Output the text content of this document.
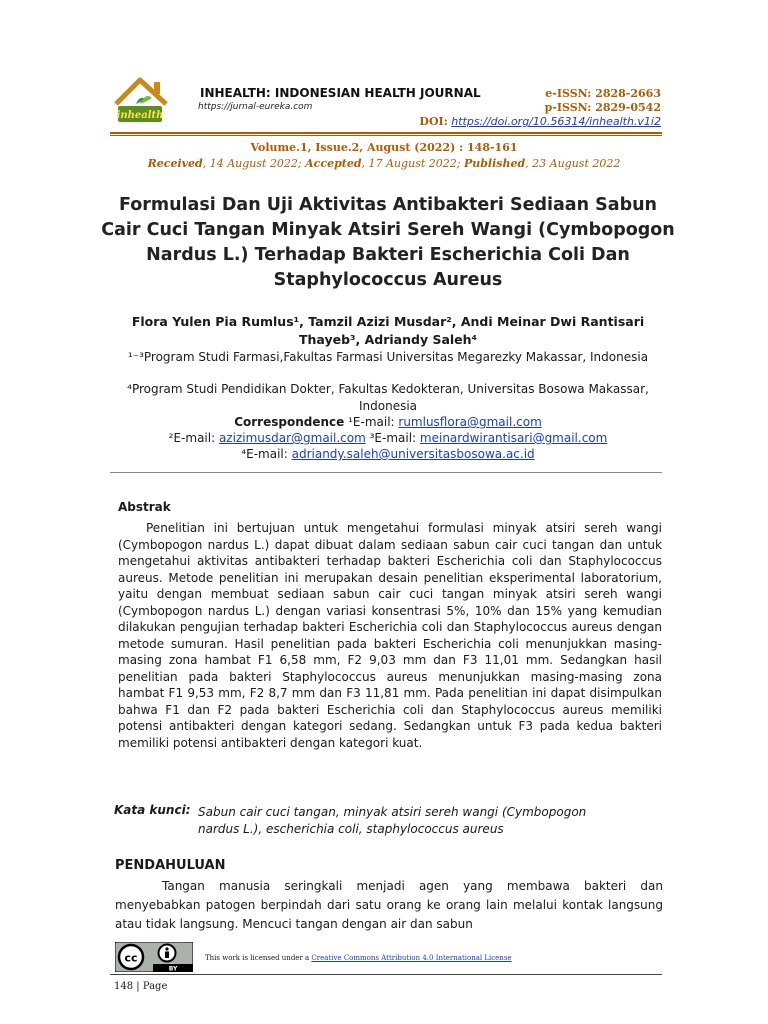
inhealth
INHEALTH: INDONESIAN HEALTH JOURNAL
https://jurnal-eureka.com
e-ISSN: 2828-2663
p-ISSN: 2829-0542
DOI: https://doi.org/10.56314/inhealth.v1i2
Volume.1, Issue.2, August (2022) : 148-161
Received, 14 August 2022; Accepted, 17 August 2022; Published, 23 August 2022
Formulasi Dan Uji Aktivitas Antibakteri Sediaan Sabun Cair Cuci Tangan Minyak Atsiri Sereh Wangi (Cymbopogon Nardus L.) Terhadap Bakteri Escherichia Coli Dan Staphylococcus Aureus
Flora Yulen Pia Rumlus¹, Tamzil Azizi Musdar², Andi Meinar Dwi Rantisari Thayeb³, Adriandy Saleh⁴
¹⁻³Program Studi Farmasi,Fakultas Farmasi Universitas Megarezky Makassar, Indonesia
⁴Program Studi Pendidikan Dokter, Fakultas Kedokteran, Universitas Bosowa Makassar, Indonesia
Correspondence ¹E-mail: rumlusflora@gmail.com
²E-mail: azizimusdar@gmail.com ³E-mail: meinardwirantisari@gmail.com
⁴E-mail: adriandy.saleh@universitasbosowa.ac.id
Abstrak
Penelitian ini bertujuan untuk mengetahui formulasi minyak atsiri sereh wangi (Cymbopogon nardus L.) dapat dibuat dalam sediaan sabun cair cuci tangan dan untuk mengetahui aktivitas antibakteri terhadap bakteri Escherichia coli dan Staphylococcus aureus. Metode penelitian ini merupakan desain penelitian eksperimental laboratorium, yaitu dengan membuat sediaan sabun cair cuci tangan minyak atsiri sereh wangi (Cymbopogon nardus L.) dengan variasi konsentrasi 5%, 10% dan 15% yang kemudian dilakukan pengujian terhadap bakteri Escherichia coli dan Staphylococcus aureus dengan metode sumuran. Hasil penelitian pada bakteri Escherichia coli menunjukkan masing-masing zona hambat F1 6,58 mm, F2 9,03 mm dan F3 11,01 mm. Sedangkan hasil penelitian pada bakteri Staphylococcus aureus menunjukkan masing-masing zona hambat F1 9,53 mm, F2 8,7 mm dan F3 11,81 mm. Pada penelitian ini dapat disimpulkan bahwa F1 dan F2 pada bakteri Escherichia coli dan Staphylococcus aureus memiliki potensi antibakteri dengan kategori sedang. Sedangkan untuk F3 pada kedua bakteri memiliki potensi antibakteri dengan kategori kuat.
Kata kunci: Sabun cair cuci tangan, minyak atsiri sereh wangi (Cymbopogon
nardus L.), escherichia coli, staphylococcus aureus
PENDAHULUAN
Tangan manusia seringkali menjadi agen yang membawa bakteri dan menyebabkan patogen berpindah dari satu orang ke orang lain melalui kontak langsung atau tidak langsung. Mencuci tangan dengan air dan sabun
cc
BY
This work is licensed under a Creative Commons Attribution 4.0 International License
148 | Page
